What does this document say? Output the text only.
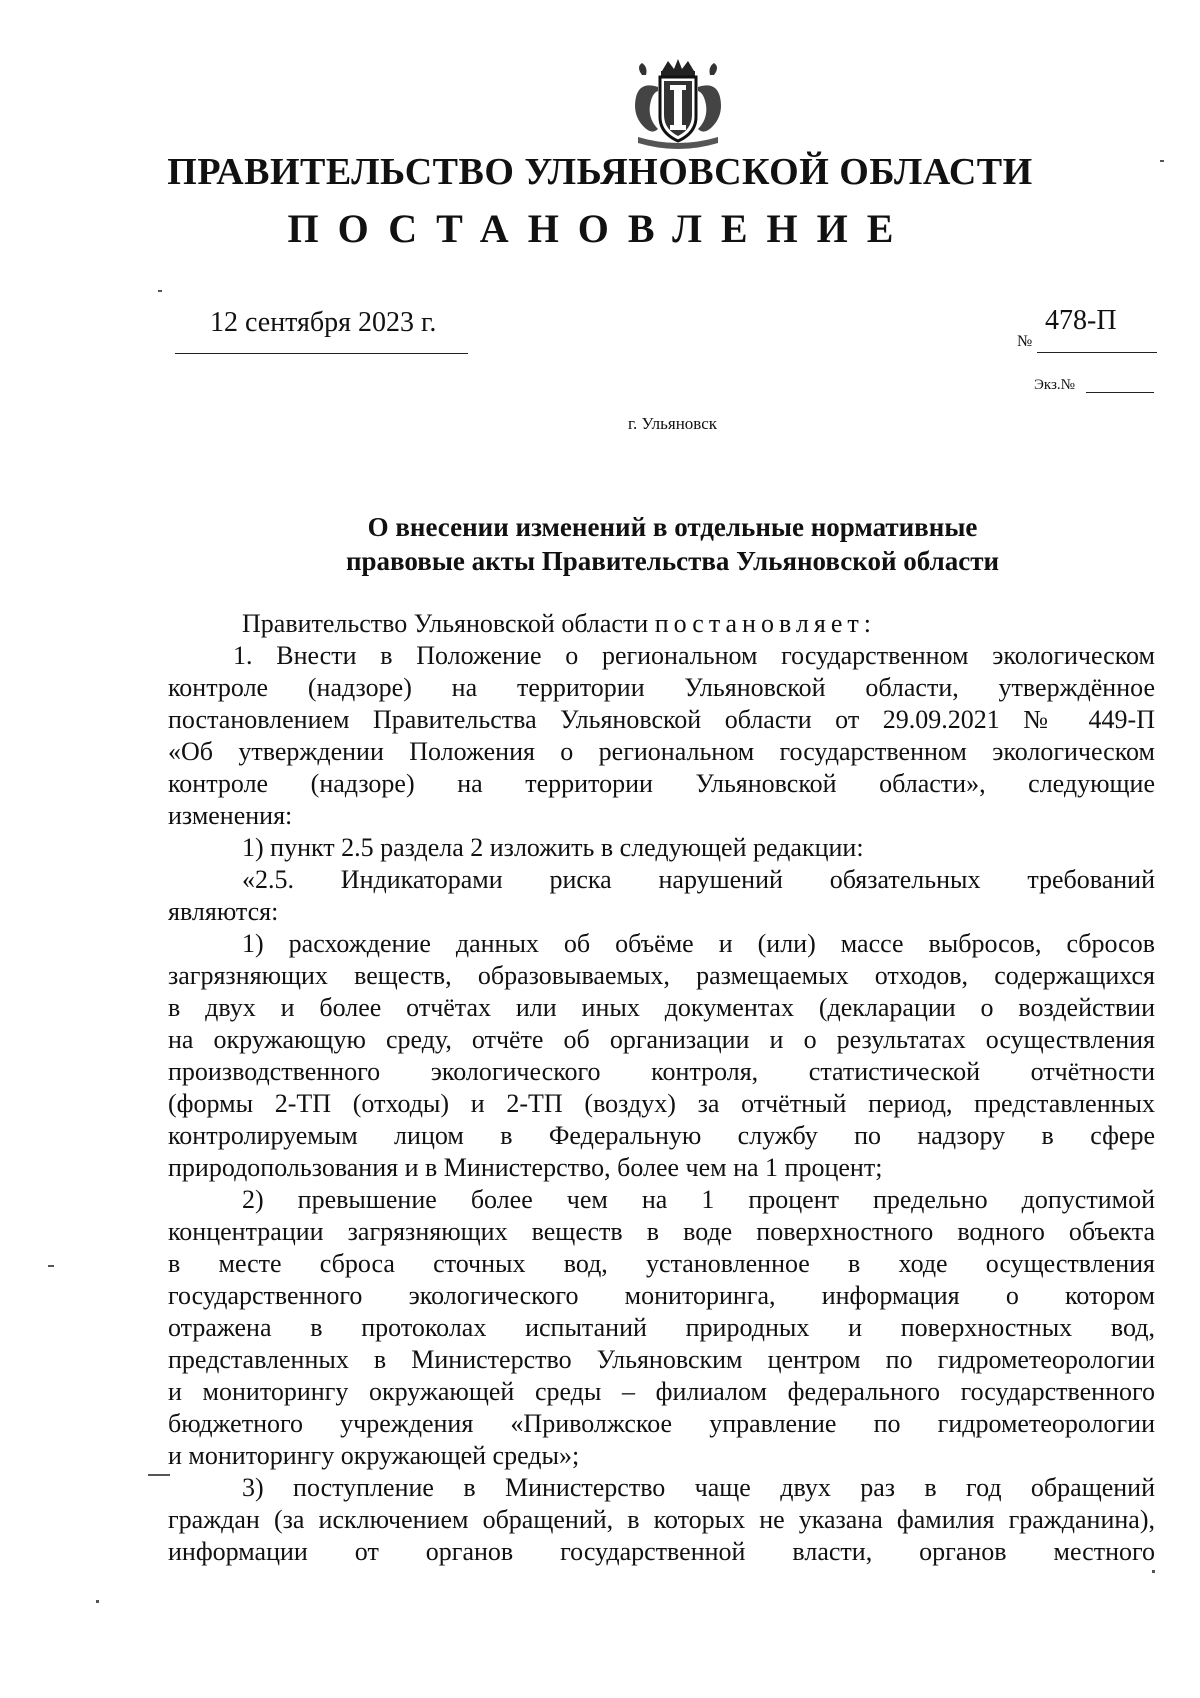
ПРАВИТЕЛЬСТВО УЛЬЯНОВСКОЙ ОБЛАСТИ
ПОСТАНОВЛЕНИЕ
12 сентября 2023 г.
№
478-П
Экз.№
г. Ульяновск
О внесении изменений в отдельные нормативные
правовые акты Правительства Ульяновской области
Правительство Ульяновской области постановляет:
1. Внести в Положение о региональном государственном экологическом
контроле (надзоре) на территории Ульяновской области, утверждённое
постановлением Правительства Ульяновской области от 29.09.2021 № 449-П
«Об утверждении Положения о региональном государственном экологическом
контроле (надзоре) на территории Ульяновской области», следующие
изменения:
1) пункт 2.5 раздела 2 изложить в следующей редакции:
«2.5. Индикаторами риска нарушений обязательных требований
являются:
1) расхождение данных об объёме и (или) массе выбросов, сбросов
загрязняющих веществ, образовываемых, размещаемых отходов, содержащихся
в двух и более отчётах или иных документах (декларации о воздействии
на окружающую среду, отчёте об организации и о результатах осуществления
производственного экологического контроля, статистической отчётности
(формы 2-ТП (отходы) и 2-ТП (воздух) за отчётный период, представленных
контролируемым лицом в Федеральную службу по надзору в сфере
природопользования и в Министерство, более чем на 1 процент;
2) превышение более чем на 1 процент предельно допустимой
концентрации загрязняющих веществ в воде поверхностного водного объекта
в месте сброса сточных вод, установленное в ходе осуществления
государственного экологического мониторинга, информация о котором
отражена в протоколах испытаний природных и поверхностных вод,
представленных в Министерство Ульяновским центром по гидрометеорологии
и мониторингу окружающей среды – филиалом федерального государственного
бюджетного учреждения «Приволжское управление по гидрометеорологии
и мониторингу окружающей среды»;
3) поступление в Министерство чаще двух раз в год обращений
граждан (за исключением обращений, в которых не указана фамилия гражданина),
информации от органов государственной власти, органов местного
